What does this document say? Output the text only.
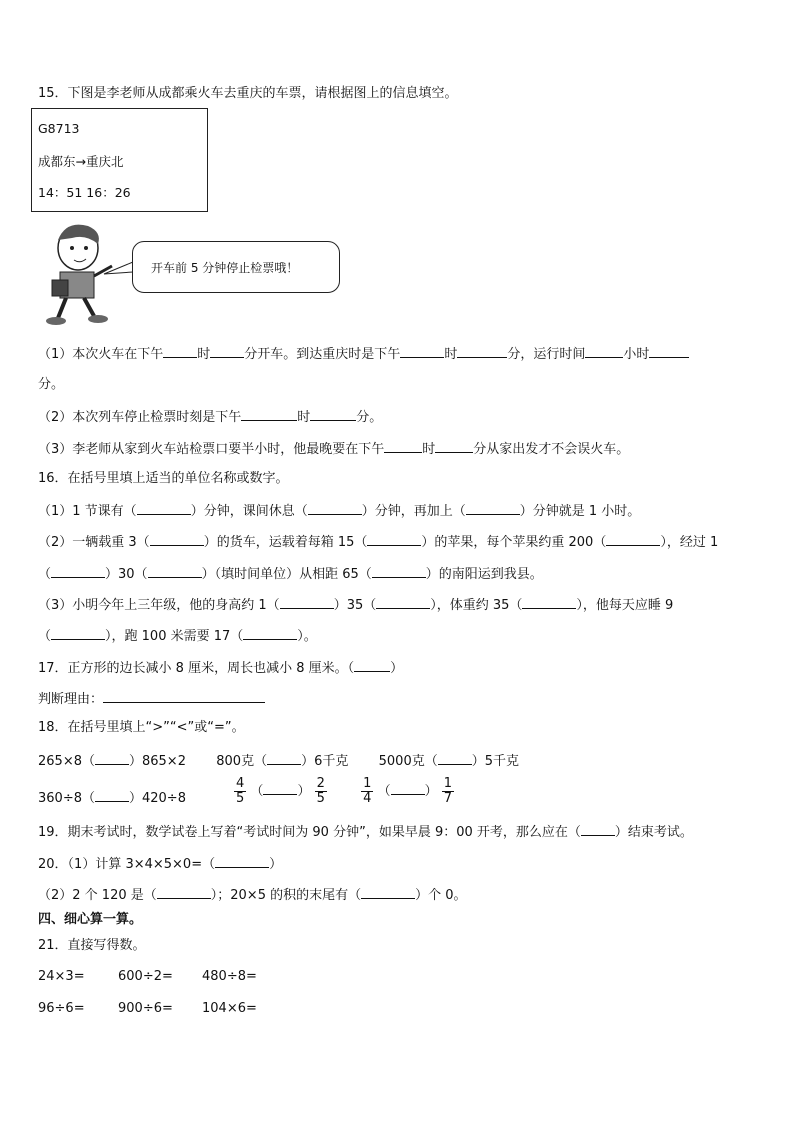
15．下图是李老师从成都乘火车去重庆的车票，请根据图上的信息填空。
G8713
成都东→重庆北
14：51 16：26
开车前 5 分钟停止检票哦！
（1）本次火车在下午	时	分开车。到达重庆时是下午	时	分，运行时间	小时
分。
（2）本次列车停止检票时刻是下午	时	分。
（3）李老师从家到火车站检票口要半小时，他最晚要在下午	时	分从家出发才不会误火车。
16．在括号里填上适当的单位名称或数字。
（1）1 节课有（	）分钟，课间休息（	）分钟，再加上（	）分钟就是 1 小时。
（2）一辆载重 3（	）的货车，运载着每箱 15（	）的苹果，每个苹果约重 200（	），经过 1
（	）30（	）（填时间单位）从相距 65（	）的南阳运到我县。
（3）小明今年上三年级，他的身高约 1（	）35（	），体重约 35（	），他每天应睡 9
（	），跑 100 米需要 17（	）。
17．正方形的边长减小 8 厘米，周长也减小 8 厘米。（	）
判断理由：
18．在括号里填上“>”“<”或“=”。
265×8（	）865×2 800克（	）6千克 5000克（	）5千克
360÷8（	）420÷8	$\frac{4}{5}$ （	） $\frac{2}{5}$
	$\frac{1}{4}$ （	） $\frac{1}{7}$
19．期末考试时，数学试卷上写着“考试时间为 90 分钟”，如果早晨 9：00 开考，那么应在（	）结束考试。
20．（1）计算 3×4×5×0=（	）
（2）2 个 120 是（	）；20×5 的积的末尾有（	）个 0。
四、细心算一算。
21．直接写得数。
24×3=	600÷2= 480÷8=
96÷6=	900÷6= 104×6=
